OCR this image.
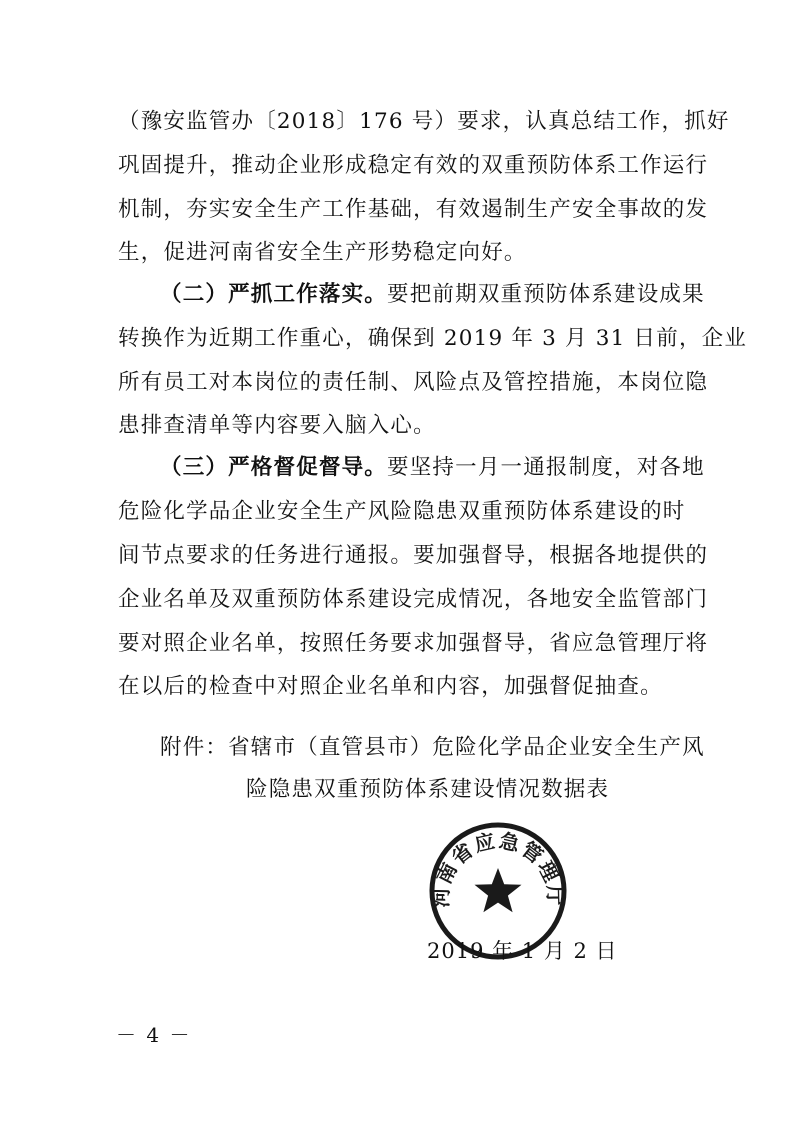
（豫安监管办〔2018〕176 号）要求，认真总结工作，抓好
巩固提升，推动企业形成稳定有效的双重预防体系工作运行
机制，夯实安全生产工作基础，有效遏制生产安全事故的发
生，促进河南省安全生产形势稳定向好。
（二）严抓工作落实。要把前期双重预防体系建设成果
转换作为近期工作重心，确保到 2019 年 3 月 31 日前，企业
所有员工对本岗位的责任制、风险点及管控措施，本岗位隐
患排查清单等内容要入脑入心。
（三）严格督促督导。要坚持一月一通报制度，对各地
危险化学品企业安全生产风险隐患双重预防体系建设的时
间节点要求的任务进行通报。要加强督导，根据各地提供的
企业名单及双重预防体系建设完成情况，各地安全监管部门
要对照企业名单，按照任务要求加强督导，省应急管理厅将
在以后的检查中对照企业名单和内容，加强督促抽查。
附件：省辖市（直管县市）危险化学品企业安全生产风
险隐患双重预防体系建设情况数据表
河南省应急管理厅
2019 年 1 月 2 日
－ 4 －
